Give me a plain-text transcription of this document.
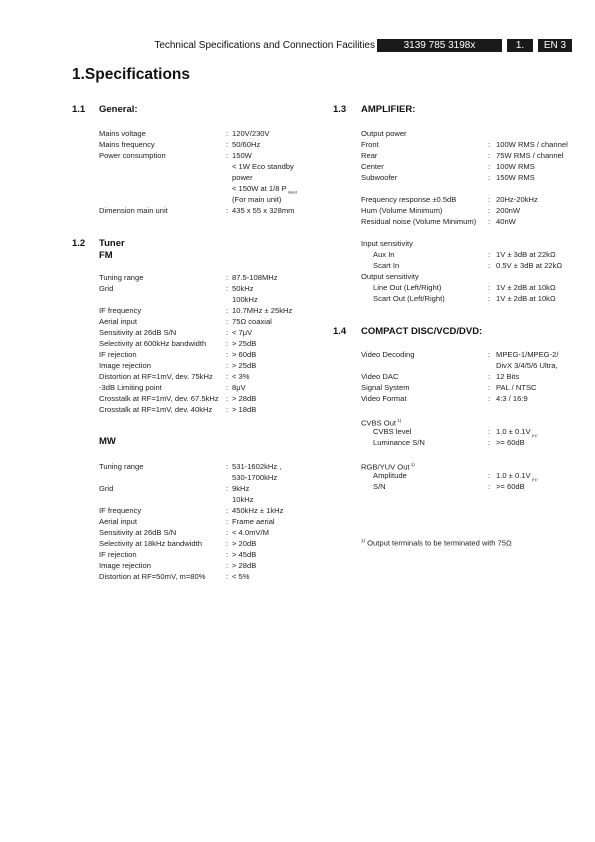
Technical Specifications and Connection Facilities	3139 785 3198x	1.	EN 3
1.Specifications
1.1 General:
Mains voltage	: 120V/230V
Mains frequency	: 50/60Hz
Power consumption	: 150W
< 1W Eco standby
power
< 150W at 1/8 P $_{rated}$
(For main unit)
Dimension main unit	: 435 x 55 x 328mm
1.2 Tuner
FM
Tuning range	: 87.5-108MHz
Grid	: 50kHz
100kHz
IF frequency	: 10.7MHz ± 25kHz
Aerial input	: 75Ω coaxial
Sensitivity at 26dB S/N	: < 7μV
Selectivity at 600kHz bandwidth	: > 25dB
IF rejection	: > 60dB
Image rejection	: > 25dB
Distortion at RF=1mV, dev. 75kHz : < 3%
-3dB Limiting point	: 8μV
Crosstalk at RF=1mV, dev. 67.5kHz : > 28dB
Crosstalk at RF=1mV, dev. 40kHz : > 18dB
MW
Tuning range	: 531-1602kHz ,
530-1700kHz
Grid	: 9kHz
10kHz
IF frequency	: 450kHz ± 1kHz
Aerial input	: Frame aerial
Sensitivity at 26dB S/N	: < 4.0mV/M
Selectivity at 18kHz bandwidth	: > 20dB
IF rejection	: > 45dB
Image rejection	: > 28dB
Distortion at RF=50mV, m=80%	: < 5%
1.3 AMPLIFIER:
Output power
Front	: 100W RMS / channel
Rear	: 75W RMS / channel
Center	: 100W RMS
Subwoofer	: 150W RMS
Frequency response ±0.5dB	: 20Hz-20kHz
Hum (Volume Minimum)	: 200nW
Residual noise (Volume Minimum) : 40nW
Input sensitivity
Aux In	: 1V ± 3dB at 22kΩ
Scart In	: 0.5V ± 3dB at 22kΩ
Output sensitivity
Line Out (Left/Right)	: 1V ± 2dB at 10kΩ
Scart Out (Left/Right)	: 1V ± 2dB at 10kΩ
1.4 COMPACT DISC/VCD/DVD:
Video Decoding	: MPEG-1/MPEG-2/
DivX 3/4/5/6 Ultra,
Video DAC	: 12 Bits
Signal System	: PAL / NTSC
Video Format	: 4:3 / 16:9
CVBS Out $^{1)}$
CVBS level	: 1.0 ± 0.1V $_{p-p}$
Luminance S/N	: >= 60dB
RGB/YUV Out $^{1)}$
Amplitude	: 1.0 ± 0.1V $_{p-p}$
S/N	: >= 60dB
$^{1)}$ Output terminals to be terminated with 75Ω
